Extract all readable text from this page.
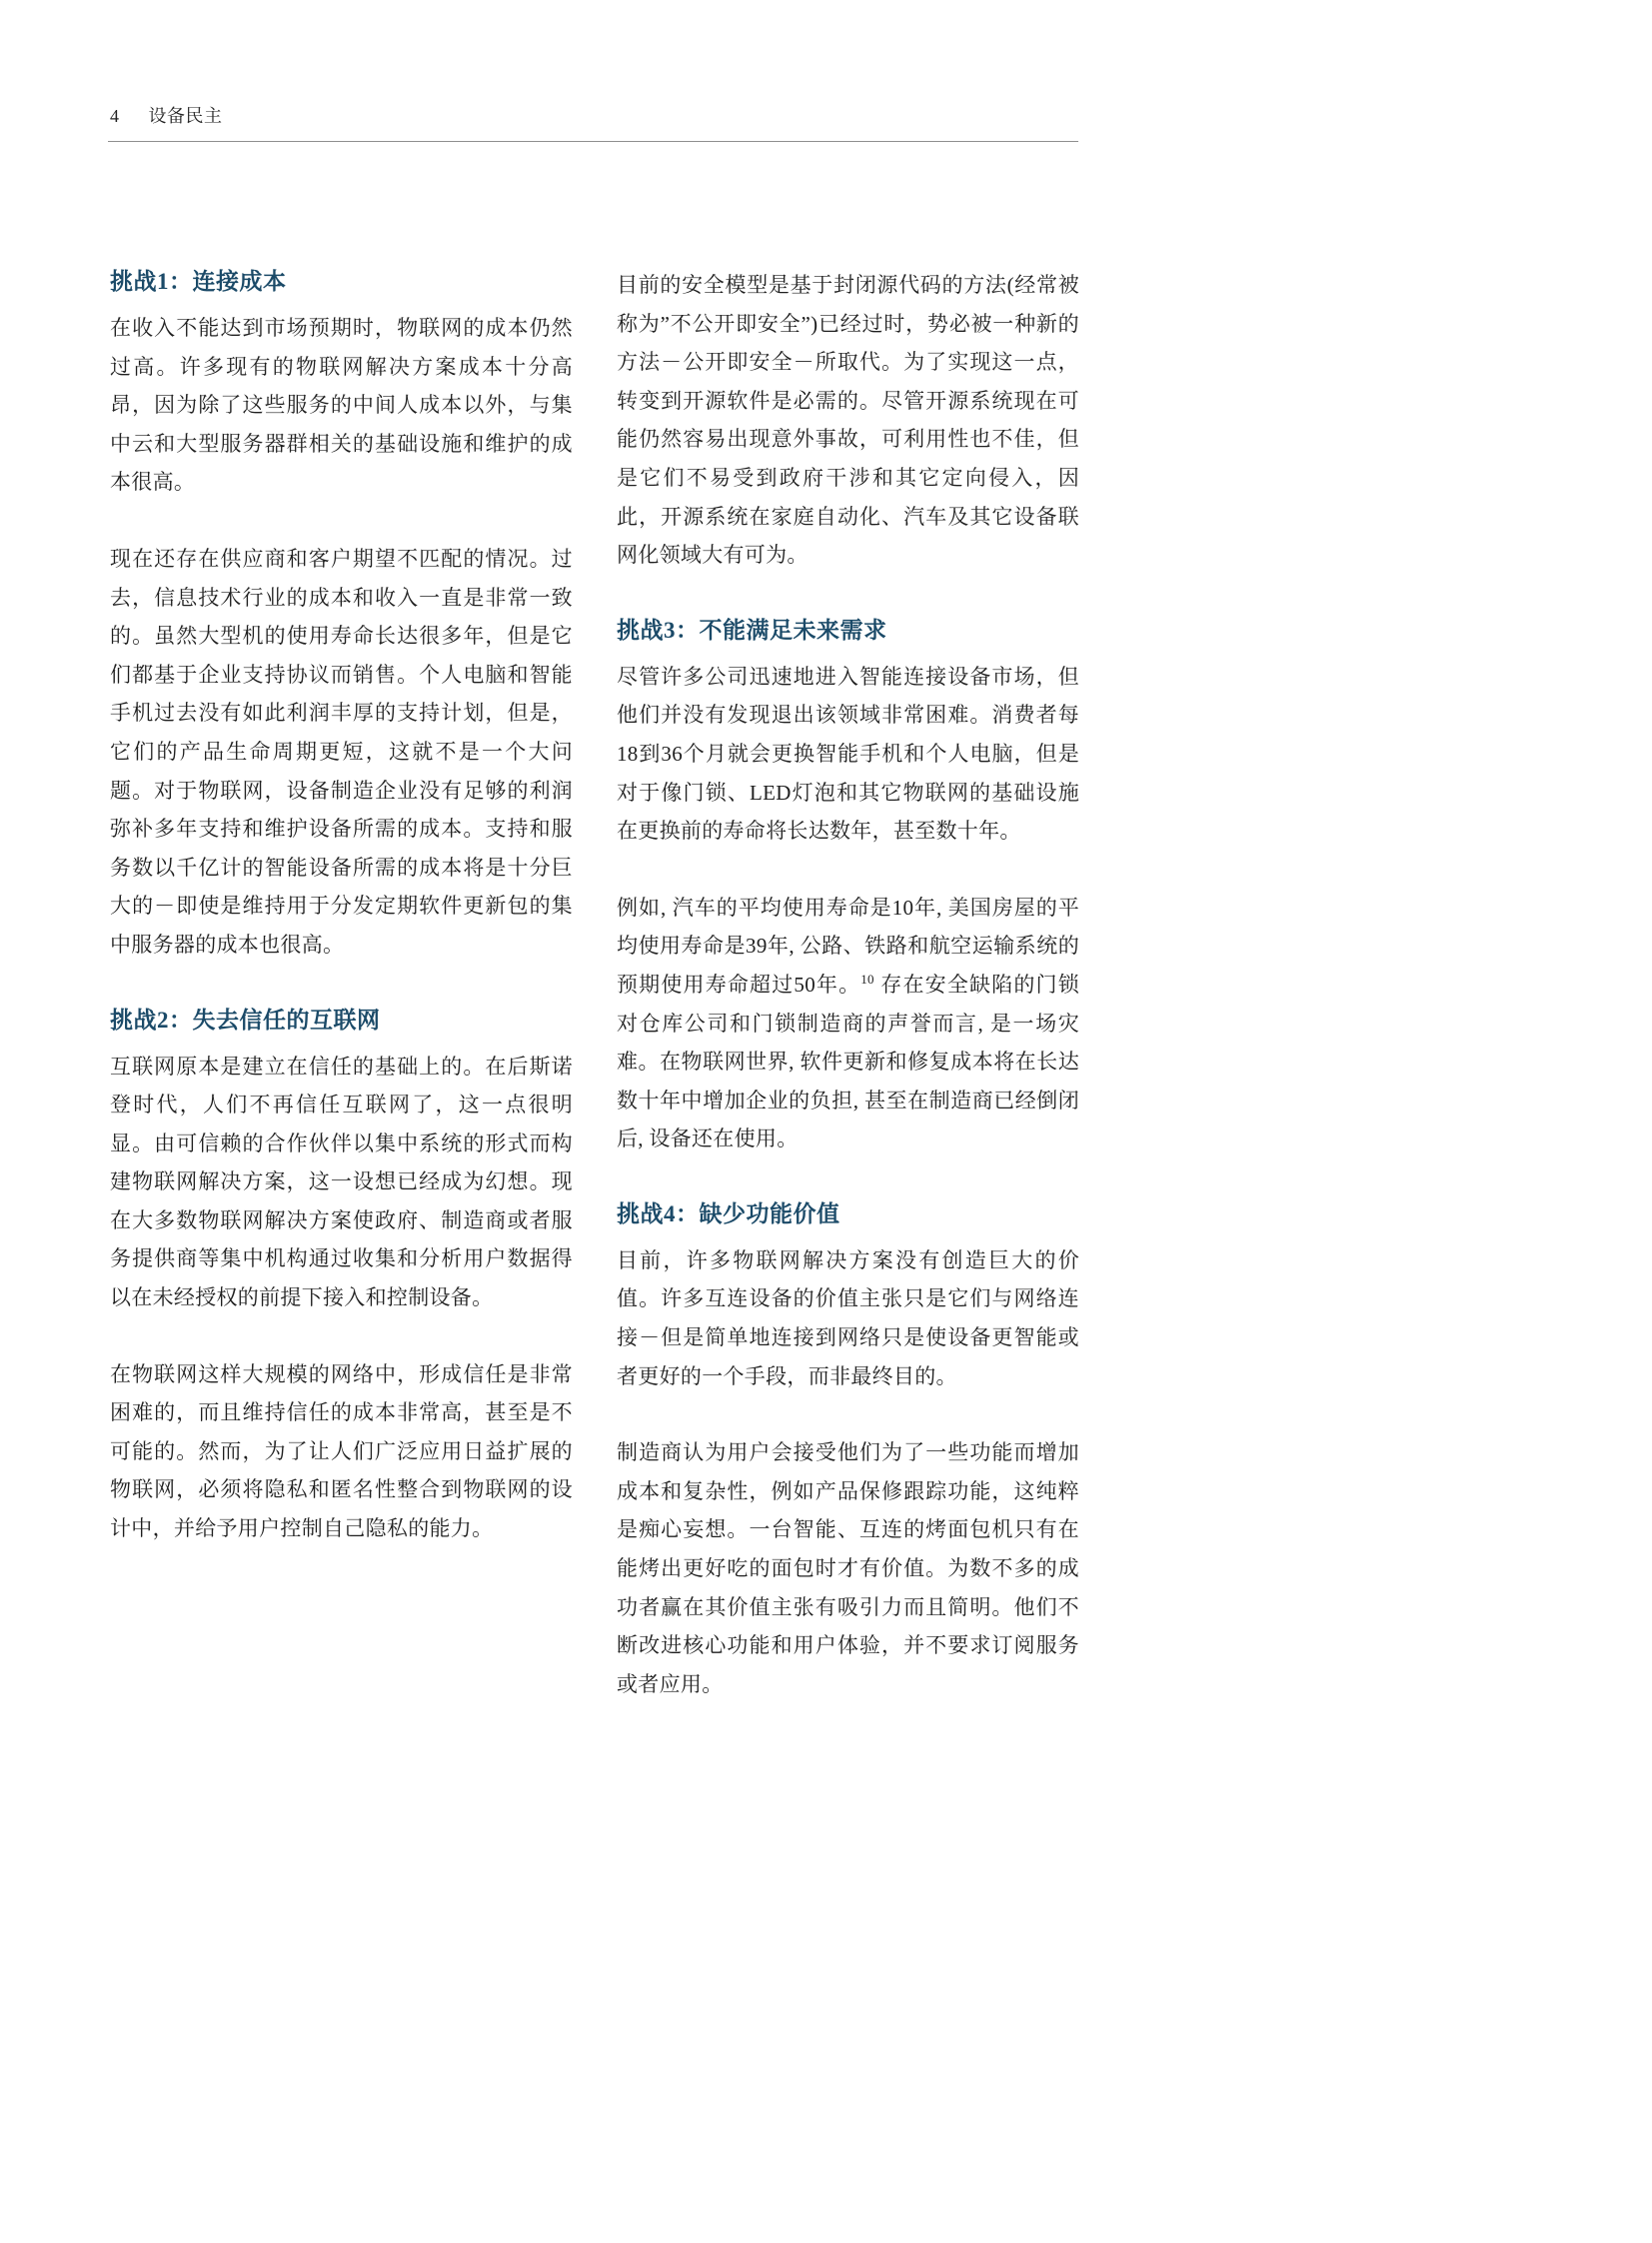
4 设备民主
挑战1：连接成本

在收入不能达到市场预期时，物联网的成本仍然过高。许多现有的物联网解决方案成本十分高昂，因为除了这些服务的中间人成本以外，与集中云和大型服务器群相关的基础设施和维护的成本很高。

现在还存在供应商和客户期望不匹配的情况。过去，信息技术行业的成本和收入一直是非常一致的。虽然大型机的使用寿命长达很多年，但是它们都基于企业支持协议而销售。个人电脑和智能手机过去没有如此利润丰厚的支持计划，但是，它们的产品生命周期更短，这就不是一个大问题。对于物联网，设备制造企业没有足够的利润弥补多年支持和维护设备所需的成本。支持和服务数以千亿计的智能设备所需的成本将是十分巨大的－即使是维持用于分发定期软件更新包的集中服务器的成本也很高。

挑战2：失去信任的互联网

互联网原本是建立在信任的基础上的。在后斯诺登时代，人们不再信任互联网了，这一点很明显。由可信赖的合作伙伴以集中系统的形式而构建物联网解决方案，这一设想已经成为幻想。现在大多数物联网解决方案使政府、制造商或者服务提供商等集中机构通过收集和分析用户数据得以在未经授权的前提下接入和控制设备。

在物联网这样大规模的网络中，形成信任是非常困难的，而且维持信任的成本非常高，甚至是不可能的。然而，为了让人们广泛应用日益扩展的物联网，必须将隐私和匿名性整合到物联网的设计中，并给予用户控制自己隐私的能力。

目前的安全模型是基于封闭源代码的方法(经常被称为”不公开即安全”)已经过时，势必被一种新的方法－公开即安全－所取代。为了实现这一点，转变到开源软件是必需的。尽管开源系统现在可能仍然容易出现意外事故，可利用性也不佳，但是它们不易受到政府干涉和其它定向侵入，因此，开源系统在家庭自动化、汽车及其它设备联网化领域大有可为。

挑战3：不能满足未来需求

尽管许多公司迅速地进入智能连接设备市场，但他们并没有发现退出该领域非常困难。消费者每18到36个月就会更换智能手机和个人电脑，但是对于像门锁、LED灯泡和其它物联网的基础设施在更换前的寿命将长达数年，甚至数十年。

例如, 汽车的平均使用寿命是10年, 美国房屋的平均使用寿命是39年, 公路、铁路和航空运输系统的预期使用寿命超过50年。$^{10}$ 存在安全缺陷的门锁对仓库公司和门锁制造商的声誉而言, 是一场灾难。在物联网世界, 软件更新和修复成本将在长达数十年中增加企业的负担, 甚至在制造商已经倒闭后, 设备还在使用。

挑战4：缺少功能价值

目前，许多物联网解决方案没有创造巨大的价值。许多互连设备的价值主张只是它们与网络连接－但是简单地连接到网络只是使设备更智能或者更好的一个手段，而非最终目的。

制造商认为用户会接受他们为了一些功能而增加成本和复杂性，例如产品保修跟踪功能，这纯粹是痴心妄想。一台智能、互连的烤面包机只有在能烤出更好吃的面包时才有价值。为数不多的成功者赢在其价值主张有吸引力而且简明。他们不断改进核心功能和用户体验，并不要求订阅服务或者应用。
